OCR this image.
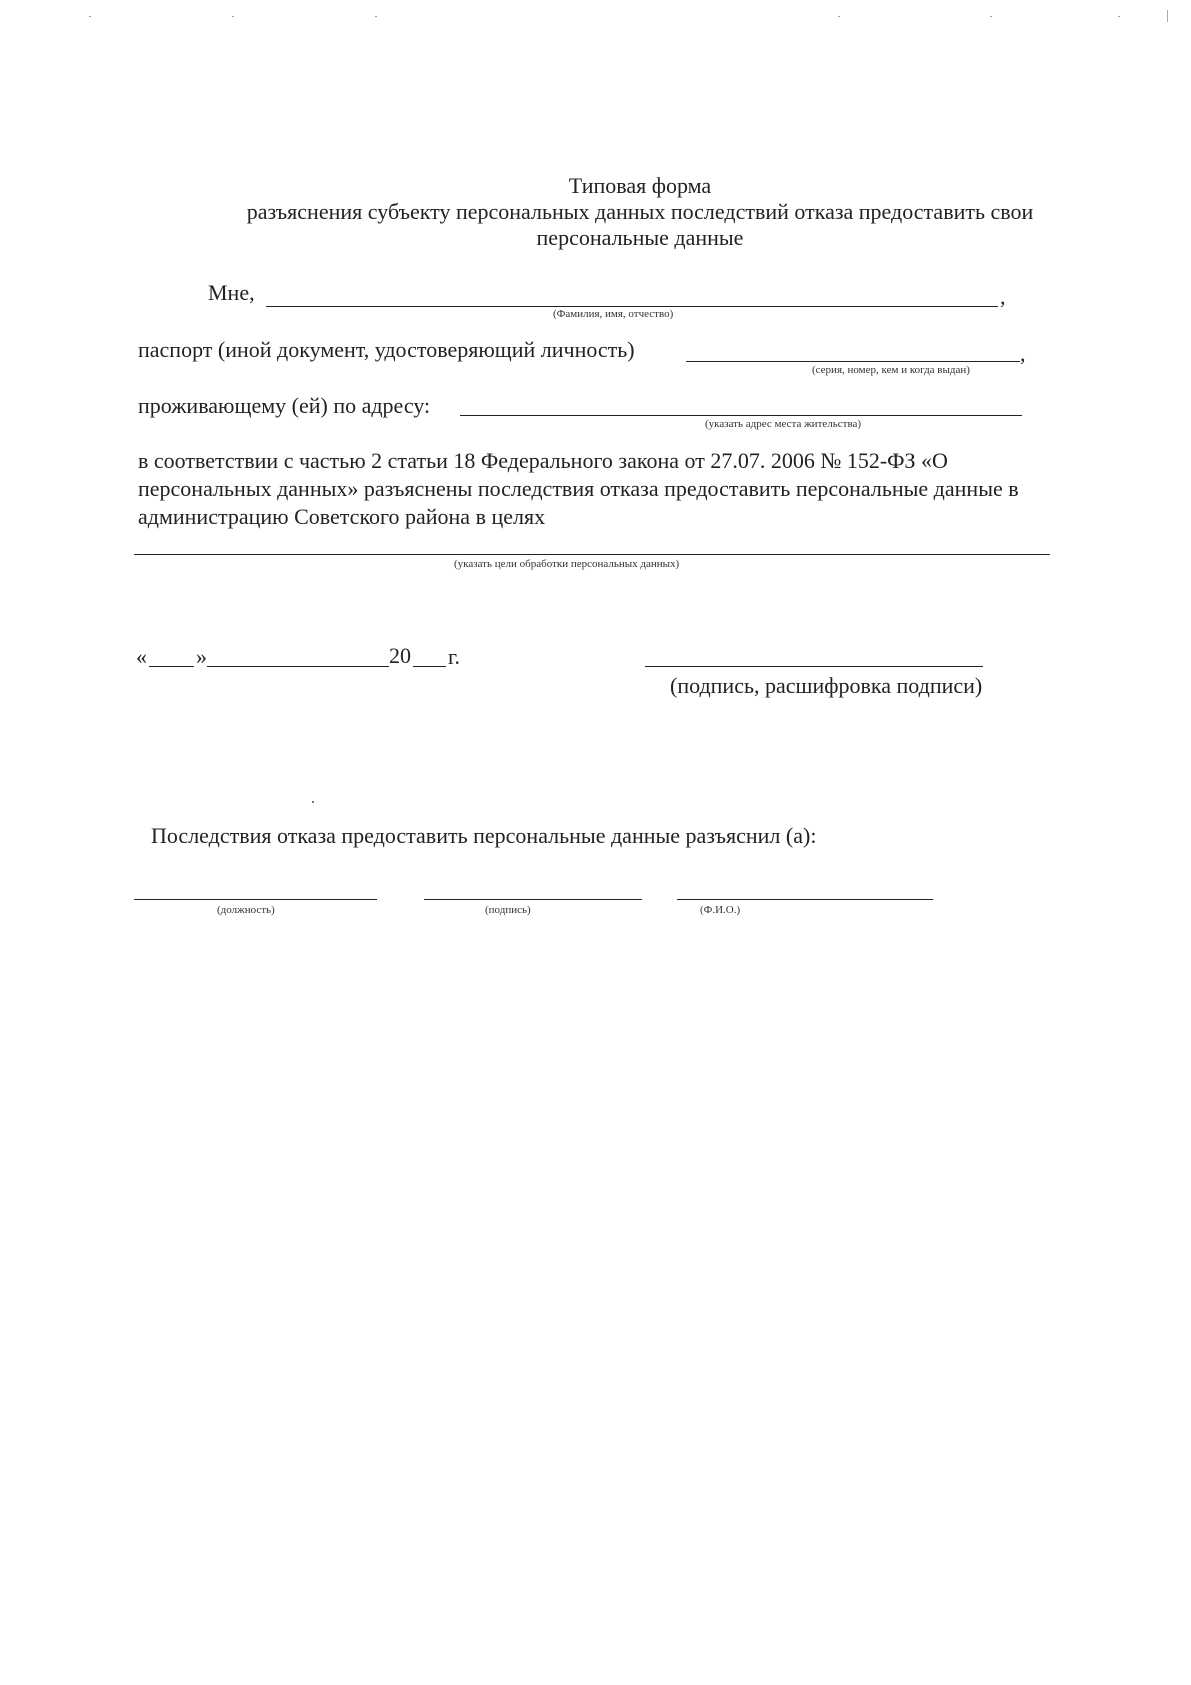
Типовая форма
разъяснения субъекту персональных данных последствий отказа предоставить свои
персональные данные
Мне,	,
(Фамилия, имя, отчество)
паспорт (иной документ, удостоверяющий личность)	,
(серия, номер, кем и когда выдан)
проживающему (ей) по адресу:
(указать адрес места жительства)
в соответствии с частью 2 статьи 18 Федерального закона от 27.07. 2006 № 152-ФЗ «О
персональных данных» разъяснены последствия отказа предоставить персональные данные в
администрацию Советского района в целях
(указать цели обработки персональных данных)
« »	20 г.
(подпись, расшифровка подписи)
Последствия отказа предоставить персональные данные разъяснил (а):
(должность)	(подпись)	(Ф.И.О.)
